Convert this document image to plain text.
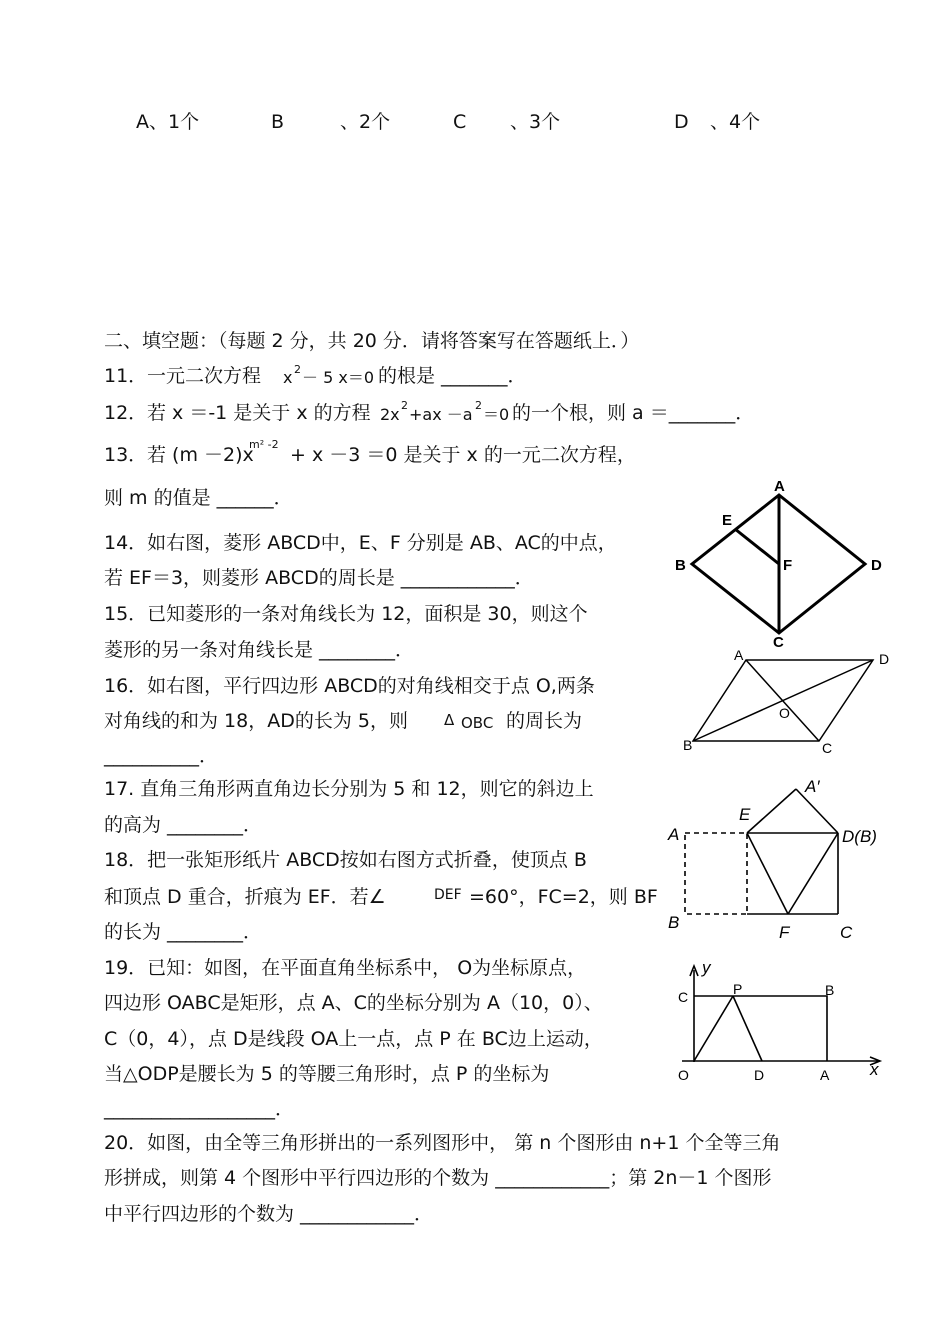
A、1个	B	、2个	C 、3个	D 、4个
二、填空题：（每题 2 分，共 20 分．请将答案写在答题纸上．）
11． 一元二次方程 x 2 － 5 x＝0 的根是 _______．
12． 若 x ＝-1 是关于 x 的方程 2x 2 +ax －a 2 ＝0 的一个根，则 a ＝_______．
13． 若 (m －2)x
m² -2 + x －3 ＝0 是关于 x 的一元二次方程，
则 m 的值是 ______．
14．如右图，菱形 ABCD中，E、F 分别是 AB、AC的中点，
若 EF＝3，则菱形 ABCD的周长是 ____________．
15．已知菱形的一条对角线长为 12，面积是 30，则这个
菱形的另一条对角线长是 ________．
16．如右图，平行四边形 ABCD的对角线相交于点 O,两条
对角线的和为 18，AD的长为 5，则 Δ OBC 的周长为
__________．
17. 直角三角形两直角边长分别为 5 和 12，则它的斜边上
的高为 ________．
18．把一张矩形纸片 ABCD按如右图方式折叠，使顶点 B
和顶点 D 重合，折痕为 EF．若∠	DEF =60°，FC=2，则 BF
的长为 ________．
19．已知：如图，在平面直角坐标系中， O为坐标原点，
四边形 OABC是矩形，点 A、C的坐标分别为 A（10，0）、
C（0，4），点 D是线段 OA上一点，点 P 在 BC边上运动，
当△ODP是腰长为 5 的等腰三角形时，点 P 的坐标为
__________________．
20．如图，由全等三角形拼出的一系列图形中， 第 n 个图形由 n+1 个全等三角
形拼成，则第 4 个图形中平行四边形的个数为 ____________；第 2n－1 个图形
中平行四边形的个数为 ____________．
A
B
C
D
E
F
A	D
O
B	C
A
A′
E
D(B)
B
F	C
y
x
C	P	B
O	D	A
